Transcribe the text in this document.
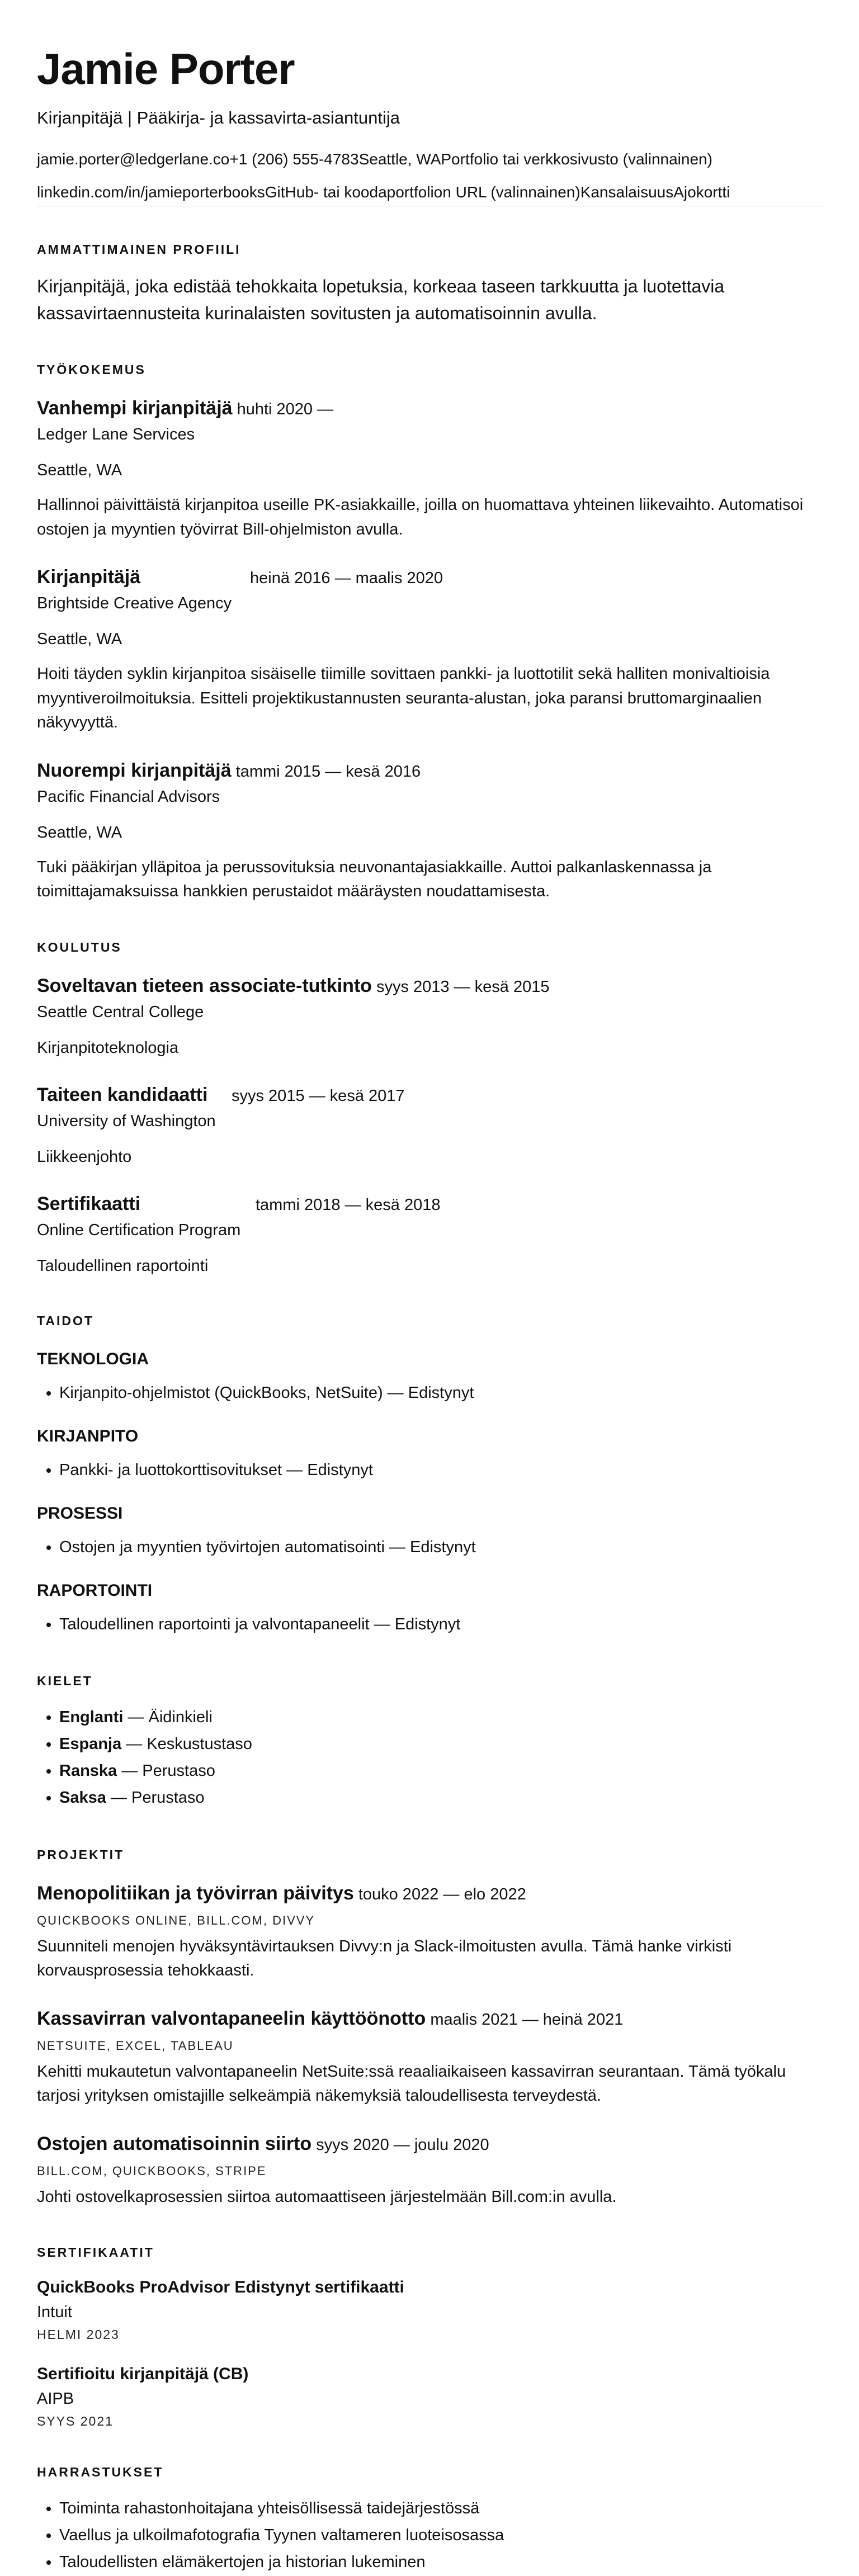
Jamie Porter
Kirjanpitäjä | Pääkirja- ja kassavirta-asiantuntija
jamie.porter@ledgerlane.co+1 (206) 555-4783Seattle, WAPortfolio tai verkkosivusto (valinnainen)
linkedin.com/in/jamieporterbooksGitHub- tai koodaportfolion URL (valinnainen)KansalaisuusAjokortti
AMMATTIMAINEN PROFIILI
Kirjanpitäjä, joka edistää tehokkaita lopetuksia, korkeaa taseen tarkkuutta ja luotettavia kassavirtaennusteita kurinalaisten sovitusten ja automatisoinnin avulla.
TYÖKOKEMUS
Vanhempi kirjanpitäjä huhti 2020 —
Ledger Lane Services
Seattle, WA
Hallinnoi päivittäistä kirjanpitoa useille PK-asiakkaille, joilla on huomattava yhteinen liikevaihto. Automatisoi ostojen ja myyntien työvirrat Bill-ohjelmiston avulla.
Kirjanpitäjä	heinä 2016 — maalis 2020
Brightside Creative Agency
Seattle, WA
Hoiti täyden syklin kirjanpitoa sisäiselle tiimille sovittaen pankki- ja luottotilit sekä halliten monivaltioisia myyntiveroilmoituksia. Esitteli projektikustannusten seuranta-alustan, joka paransi bruttomarginaalien näkyvyyttä.
Nuorempi kirjanpitäjä tammi 2015 — kesä 2016
Pacific Financial Advisors
Seattle, WA
Tuki pääkirjan ylläpitoa ja perussovituksia neuvonantajasiakkaille. Auttoi palkanlaskennassa ja toimittajamaksuissa hankkien perustaidot määräysten noudattamisesta.
KOULUTUS
Soveltavan tieteen associate-tutkinto syys 2013 — kesä 2015
Seattle Central College
Kirjanpitoteknologia
Taiteen kandidaatti	syys 2015 — kesä 2017
University of Washington
Liikkeenjohto
Sertifikaatti	tammi 2018 — kesä 2018
Online Certification Program
Taloudellinen raportointi
TAIDOT
TEKNOLOGIA
• Kirjanpito-ohjelmistot (QuickBooks, NetSuite) — Edistynyt
KIRJANPITO
• Pankki- ja luottokorttisovitukset — Edistynyt
PROSESSI
• Ostojen ja myyntien työvirtojen automatisointi — Edistynyt
RAPORTOINTI
• Taloudellinen raportointi ja valvontapaneelit — Edistynyt
KIELET
• Englanti — Äidinkieli
• Espanja — Keskustustaso
• Ranska — Perustaso
• Saksa — Perustaso
PROJEKTIT
Menopolitiikan ja työvirran päivitys touko 2022 — elo 2022
QUICKBOOKS ONLINE, BILL.COM, DIVVY
Suunniteli menojen hyväksyntävirtauksen Divvy:n ja Slack-ilmoitusten avulla. Tämä hanke virkisti korvausprosessia tehokkaasti.
Kassavirran valvontapaneelin käyttöönotto maalis 2021 — heinä 2021
NETSUITE, EXCEL, TABLEAU
Kehitti mukautetun valvontapaneelin NetSuite:ssä reaaliaikaiseen kassavirran seurantaan. Tämä työkalu tarjosi yrityksen omistajille selkeämpiä näkemyksiä taloudellisesta terveydestä.
Ostojen automatisoinnin siirto syys 2020 — joulu 2020
BILL.COM, QUICKBOOKS, STRIPE
Johti ostovelkaprosessien siirtoa automaattiseen järjestelmään Bill.com:in avulla.
SERTIFIKAATIT
QuickBooks ProAdvisor Edistynyt sertifikaatti
Intuit
HELMI 2023
Sertifioitu kirjanpitäjä (CB)
AIPB
SYYS 2021
HARRASTUKSET
• Toiminta rahastonhoitajana yhteisöllisessä taidejärjestössä
• Vaellus ja ulkoilmafotografia Tyynen valtameren luoteisosassa
• Taloudellisten elämäkertojen ja historian lukeminen
